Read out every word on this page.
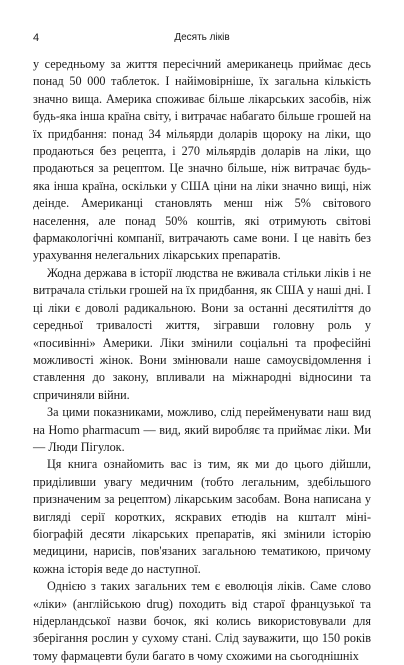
4	Десять ліків

у середньому за життя пересічний американець приймає десь понад 50 000 таблеток. І найімовірніше, їх загальна кількість значно вища. Америка споживає більше лікарських засобів, ніж будь-яка інша країна світу, і витрачає набагато більше грошей на їх придбання: понад 34 мільярди доларів щороку на ліки, що продаються без рецепта, і 270 мільярдів доларів на ліки, що продаються за рецептом. Це значно більше, ніж витрачає будь-яка інша країна, оскільки у США ціни на ліки значно вищі, ніж деінде. Американці становлять менш ніж 5% світового населення, але понад 50% коштів, які отримують світові фармакологічні компанії, витрачають саме вони. І це навіть без урахування нелегальних лікарських препаратів.

Жодна держава в історії людства не вживала стільки ліків і не витрачала стільки грошей на їх придбання, як США у наші дні. І ці ліки є доволі радикальною. Вони за останні десятиліття до середньої тривалості життя, зігравши головну роль у «посивінні» Америки. Ліки змінили соціальні та професійні можливості жінок. Вони змінювали наше самоусвідомлення і ставлення до закону, впливали на міжнародні відносини та спричиняли війни.

За цими показниками, можливо, слід перейменувати наш вид на Homo pharmacum — вид, який виробляє та приймає ліки. Ми — Люди Пігулок.

Ця книга ознайомить вас із тим, як ми до цього дійшли, приділивши увагу медичним (тобто легальним, здебільшого призначеним за рецептом) лікарським засобам. Вона написана у вигляді серії коротких, яскравих етюдів на кшталт міні-біографій десяти лікарських препаратів, які змінили історію медицини, нарисів, пов'язаних загальною тематикою, причому кожна історія веде до наступної.

Однією з таких загальних тем є еволюція ліків. Саме слово «ліки» (англійською drug) походить від старої французької та нідерландської назви бочок, які колись використовували для зберігання рослин у сухому стані. Слід зауважити, що 150 років тому фармацевти були багато в чому схожими на сьогоднішніх
